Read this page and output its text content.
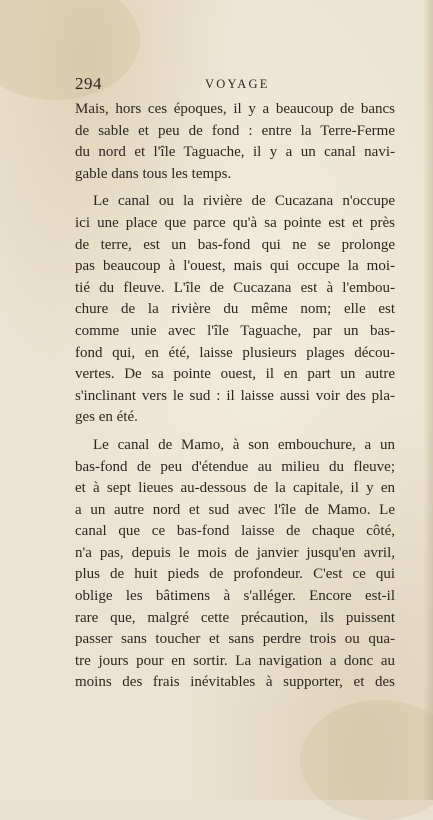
294	VOYAGE
Mais, hors ces époques, il y a beaucoup de bancs
de sable et peu de fond : entre la Terre-Ferme
du nord et l'île Taguache, il y a un canal navi-
gable dans tous les temps.
Le canal ou la rivière de Cucazana n'occupe
ici une place que parce qu'à sa pointe est et près
de terre, est un bas-fond qui ne se prolonge
pas beaucoup à l'ouest, mais qui occupe la moi-
tié du fleuve. L'île de Cucazana est à l'embou-
chure de la rivière du même nom; elle est
comme unie avec l'île Taguache, par un bas-
fond qui, en été, laisse plusieurs plages décou-
vertes. De sa pointe ouest, il en part un autre
s'inclinant vers le sud : il laisse aussi voir des pla-
ges en été.
Le canal de Mamo, à son embouchure, a un
bas-fond de peu d'étendue au milieu du fleuve;
et à sept lieues au-dessous de la capitale, il y en
a un autre nord et sud avec l'île de Mamo. Le
canal que ce bas-fond laisse de chaque côté,
n'a pas, depuis le mois de janvier jusqu'en avril,
plus de huit pieds de profondeur. C'est ce qui
oblige les bâtimens à s'alléger. Encore est-il
rare que, malgré cette précaution, ils puissent
passer sans toucher et sans perdre trois ou qua-
tre jours pour en sortir. La navigation a donc au
moins des frais inévitables à supporter, et des
